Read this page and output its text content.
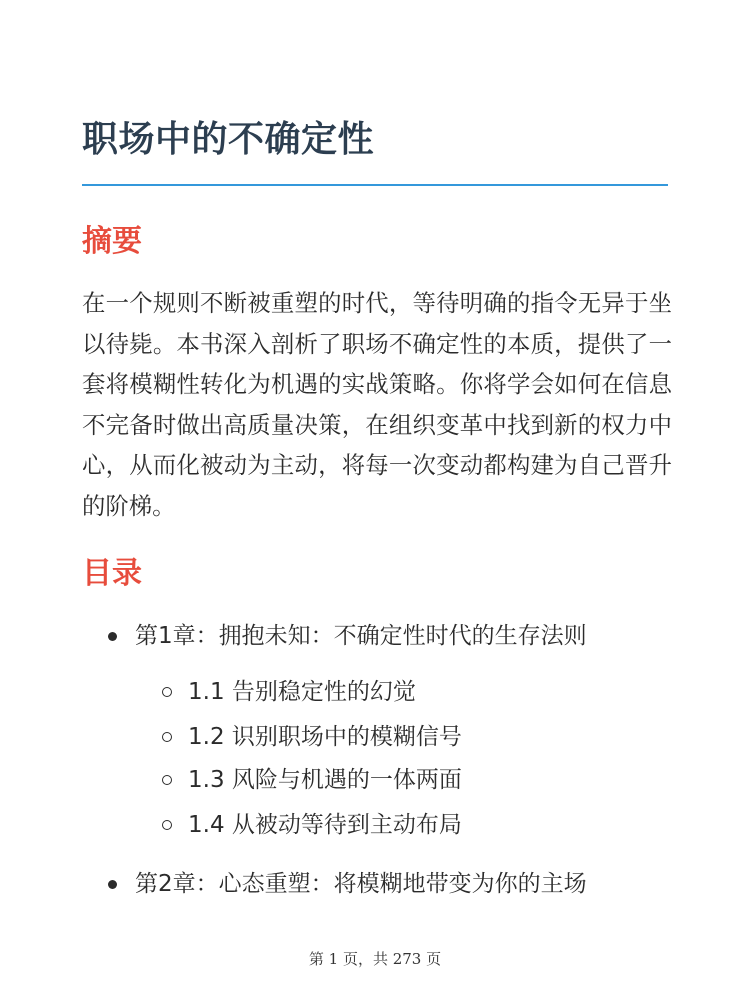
职场中的不确定性
摘要

在一个规则不断被重塑的时代，等待明确的指令无异于坐以待毙。本书深入剖析了职场不确定性的本质，提供了一套将模糊性转化为机遇的实战策略。你将学会如何在信息不完备时做出高质量决策，在组织变革中找到新的权力中心，从而化被动为主动，将每一次变动都构建为自己晋升的阶梯。

目录
第1章：拥抱未知：不确定性时代的生存法则
1.1 告别稳定性的幻觉
1.2 识别职场中的模糊信号
1.3 风险与机遇的一体两面
1.4 从被动等待到主动布局
第2章：心态重塑：将模糊地带变为你的主场
第 1 页，共 273 页
